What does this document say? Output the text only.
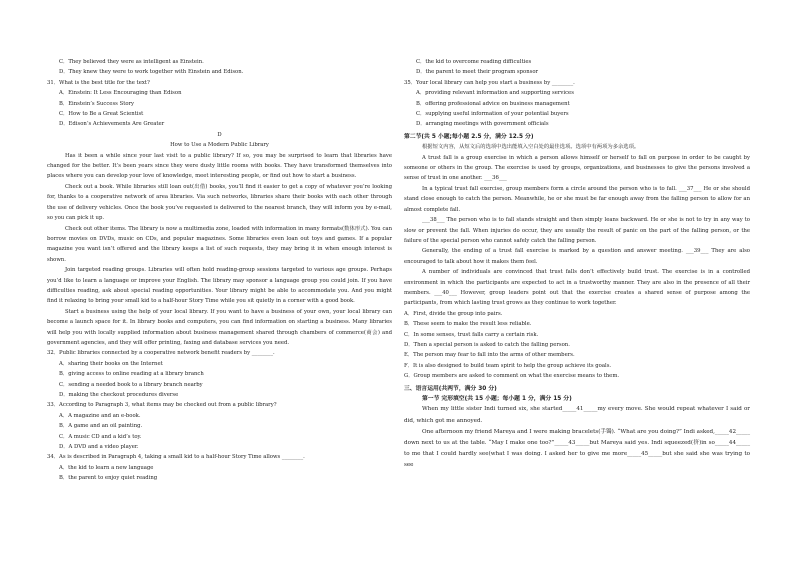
C．They believed they were as intelligent as Einstein.
D．They knew they were to work together with Einstein and Edison.
31．What is the best title for the text?
A．Einstein: It Less Encouraging than Edison
B．Einstein’s Success Story
C．How to Be a Great Scientist
D．Edison’s Achievements Are Greater
D
How to Use a Modern Public Library
Has it been a while since your last visit to a public library? If so, you may be surprised to learn that libraries have changed for the better. It’s been years since they were dusty little rooms with books. They have transformed themselves into places where you can develop your love of knowledge, meet interesting people, or find out how to start a business.
Check out a book. While libraries still loan out(出借) books, you’ll find it easier to get a copy of whatever you’re looking for, thanks to a cooperative network of area libraries. Via such networks, libraries share their books with each other through the use of delivery vehicles. Once the book you’ve requested is delivered to the nearest branch, they will inform you by e-mail, so you can pick it up.
Check out other items. The library is now a multimedia zone, loaded with information in many formats(数体形式). You can borrow movies on DVDs, music on CDs, and popular magazines. Some libraries even loan out toys and games. If a popular magazine you want isn’t offered and the library keeps a list of such requests, they may bring it in when enough interest is shown.
Join targeted reading groups. Libraries will often hold reading-group sessions targeted to various age groups. Perhaps you’d like to learn a language or improve your English. The library may sponsor a language group you could join. If you have difficulties reading, ask about special reading opportunities. Your library might be able to accommodate you. And you might find it relaxing to bring your small kid to a half-hour Story Time while you sit quietly in a corner with a good book.
Start a business using the help of your local library. If you want to have a business of your own, your local library can become a launch space for it. In library books and computers, you can find information on starting a business. Many libraries will help you with locally supplied information about business management shared through chambers of commerce(商会) and government agencies, and they will offer printing, faxing and database services you need.
32．Public libraries connected by a cooperative network benefit readers by ________.
A．sharing their books on the Internet
B．giving access to online reading at a library branch
C．sending a needed book to a library branch nearby
D．making the checkout procedures diverse
33．According to Paragraph 3, what items may be checked out from a public library?
A．A magazine and an e-book.
B．A game and an oil painting.
C．A music CD and a kid’s toy.
D．A DVD and a video player.
34．As is described in Paragraph 4, taking a small kid to a half-hour Story Time allows ________.
A．the kid to learn a new language
B．the parent to enjoy quiet reading
C．the kid to overcome reading difficulties
D．the parent to meet their program sponsor
35．Your local library can help you start a business by ________.
A．providing relevant information and supporting services
B．offering professional advice on business management
C．supplying useful information of your potential buyers
D．arranging meetings with government officials
第二节(共 5 小题;每小题 2.5 分，满分 12.5 分)
根据短文内容，从短文后的选项中选出能填入空白处的最佳选项。选项中有两项为多余选项。
A trust fall is a group exercise in which a person allows himself or herself to fall on purpose in order to be caught by someone or others in the group. The exercise is used by groups, organizations, and businesses to give the persons involved a sense of trust in one another. ___36___
In a typical trust fall exercise, group members form a circle around the person who is to fall. ___37___ He or she should stand close enough to catch the person. Meanwhile, he or she must be far enough away from the falling person to allow for an almost complete fall.
___38___ The person who is to fall stands straight and then simply leans backward. He or she is not to try in any way to slow or prevent the fall. When injuries do occur, they are usually the result of panic on the part of the falling person, or the failure of the special person who cannot safely catch the falling person.
Generally, the ending of a trust fall exercise is marked by a question and answer meeting. ___39___ They are also encouraged to talk about how it makes them feel.
A number of individuals are convinced that trust falls don’t effectively build trust. The exercise is in a controlled environment in which the participants are expected to act in a trustworthy manner. They are also in the presence of all their members. ___40___ However, group leaders point out that the exercise creates a shared sense of purpose among the participants, from which lasting trust grows as they continue to work together.
A．First, divide the group into pairs.
B．These seem to make the result less reliable.
C．In some senses, trust falls carry a certain risk.
D．Then a special person is asked to catch the falling person.
E．The person may fear to fall into the arms of other members.
F．It is also designed to build team spirit to help the group achieve its goals.
G．Group members are asked to comment on what the exercise means to them.
三、语言运用(共两节，满分 30 分)
第一节 完形填空(共 15 小题；每小题 1 分，满分 15 分)
When my little sister Indi turned six, she started_____41_____my every move. She would repeat whatever I said or did, which got me annoyed.
One afternoon my friend Mareya and I were making bracelets(手镯). “What are you doing?” Indi asked,_____42_____ down next to us at the table. “May I make one too?”_____43_____but Mareya said yes. Indi squeezed(挤)in so_____44_____ to me that I could hardly see(what I was doing. I asked her to give me more_____45_____but she said she was trying to see
